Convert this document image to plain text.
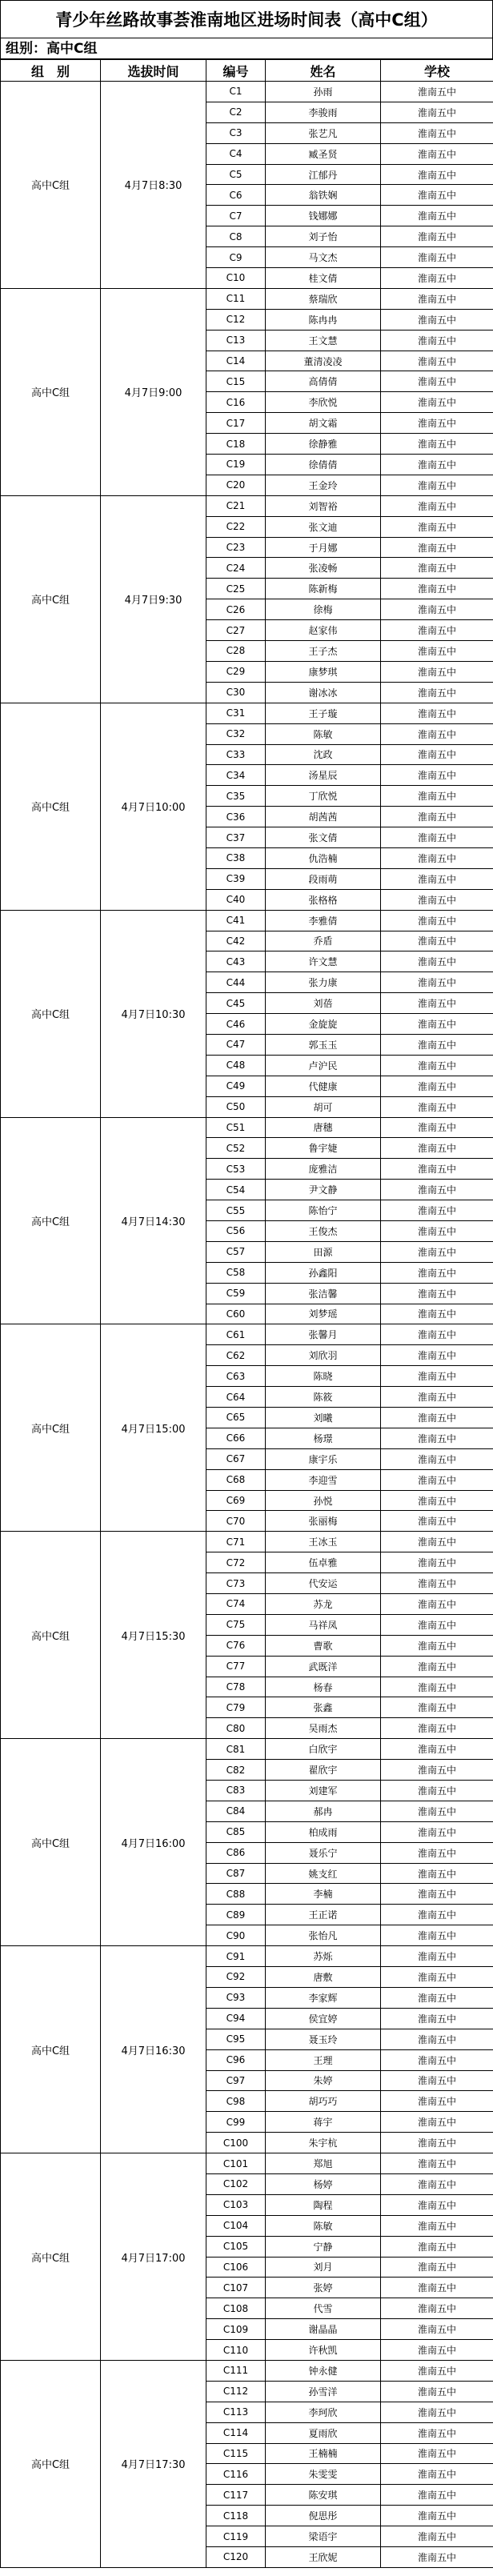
青少年丝路故事荟淮南地区进场时间表（高中C组）
组别：高中C组
组　别	选拔时间	编号	姓名	学校
高中C组	4月7日8:30	C1	孙雨	淮南五中
		C2	李骏雨	淮南五中
		C3	张艺凡	淮南五中
		C4	臧圣贤	淮南五中
		C5	江郁丹	淮南五中
		C6	翁铁娴	淮南五中
		C7	钱娜娜	淮南五中
		C8	刘子怡	淮南五中
		C9	马文杰	淮南五中
		C10	桂文倩	淮南五中
高中C组	4月7日9:00	C11	蔡瑞欣	淮南五中
		C12	陈冉冉	淮南五中
		C13	王文慧	淮南五中
		C14	董清凌凌	淮南五中
		C15	高倩倩	淮南五中
		C16	李欣悦	淮南五中
		C17	胡文霜	淮南五中
		C18	徐静雅	淮南五中
		C19	徐倩倩	淮南五中
		C20	王金玲	淮南五中
高中C组	4月7日9:30	C21	刘智裕	淮南五中
		C22	张文迪	淮南五中
		C23	于月娜	淮南五中
		C24	张凌畅	淮南五中
		C25	陈新梅	淮南五中
		C26	徐梅	淮南五中
		C27	赵家伟	淮南五中
		C28	王子杰	淮南五中
		C29	康梦琪	淮南五中
		C30	谢冰冰	淮南五中
高中C组	4月7日10:00	C31	王子璇	淮南五中
		C32	陈敏	淮南五中
		C33	沈政	淮南五中
		C34	汤星辰	淮南五中
		C35	丁欣悦	淮南五中
		C36	胡茜茜	淮南五中
		C37	张文倩	淮南五中
		C38	仇浩楠	淮南五中
		C39	段雨萌	淮南五中
		C40	张格格	淮南五中
高中C组	4月7日10:30	C41	李雅倩	淮南五中
		C42	乔盾	淮南五中
		C43	许文慧	淮南五中
		C44	张力康	淮南五中
		C45	刘蓓	淮南五中
		C46	金旋旋	淮南五中
		C47	郭玉玉	淮南五中
		C48	卢沪民	淮南五中
		C49	代健康	淮南五中
		C50	胡可	淮南五中
高中C组	4月7日14:30	C51	唐穗	淮南五中
		C52	鲁宇婕	淮南五中
		C53	庞雅洁	淮南五中
		C54	尹文静	淮南五中
		C55	陈怡宁	淮南五中
		C56	王俊杰	淮南五中
		C57	田源	淮南五中
		C58	孙鑫阳	淮南五中
		C59	张洁馨	淮南五中
		C60	刘梦瑶	淮南五中
高中C组	4月7日15:00	C61	张馨月	淮南五中
		C62	刘欣羽	淮南五中
		C63	陈晓	淮南五中
		C64	陈筱	淮南五中
		C65	刘曦	淮南五中
		C66	杨璟	淮南五中
		C67	康宇乐	淮南五中
		C68	李迎雪	淮南五中
		C69	孙悦	淮南五中
		C70	张丽梅	淮南五中
高中C组	4月7日15:30	C71	王冰玉	淮南五中
		C72	伍卓雅	淮南五中
		C73	代安运	淮南五中
		C74	苏龙	淮南五中
		C75	马祥凤	淮南五中
		C76	曹歌	淮南五中
		C77	武既洋	淮南五中
		C78	杨春	淮南五中
		C79	张鑫	淮南五中
		C80	吴雨杰	淮南五中
高中C组	4月7日16:00	C81	白欣宇	淮南五中
		C82	翟欣宇	淮南五中
		C83	刘建军	淮南五中
		C84	郝冉	淮南五中
		C85	柏成雨	淮南五中
		C86	聂乐宁	淮南五中
		C87	姚支红	淮南五中
		C88	李楠	淮南五中
		C89	王正诺	淮南五中
		C90	张怡凡	淮南五中
高中C组	4月7日16:30	C91	苏烁	淮南五中
		C92	唐敷	淮南五中
		C93	李家辉	淮南五中
		C94	侯宜婷	淮南五中
		C95	聂玉玲	淮南五中
		C96	王理	淮南五中
		C97	朱婷	淮南五中
		C98	胡巧巧	淮南五中
		C99	蒋宇	淮南五中
		C100	朱宇杭	淮南五中
高中C组	4月7日17:00	C101	郑旭	淮南五中
		C102	杨婷	淮南五中
		C103	陶程	淮南五中
		C104	陈敏	淮南五中
		C105	宁静	淮南五中
		C106	刘月	淮南五中
		C107	张婷	淮南五中
		C108	代雪	淮南五中
		C109	谢晶晶	淮南五中
		C110	许秋凯	淮南五中
高中C组	4月7日17:30	C111	钟永健	淮南五中
		C112	孙雪洋	淮南五中
		C113	李珂欣	淮南五中
		C114	夏雨欣	淮南五中
		C115	王楠楠	淮南五中
		C116	朱雯雯	淮南五中
		C117	陈安琪	淮南五中
		C118	倪思彤	淮南五中
		C119	梁语宇	淮南五中
		C120	王欣妮	淮南五中
